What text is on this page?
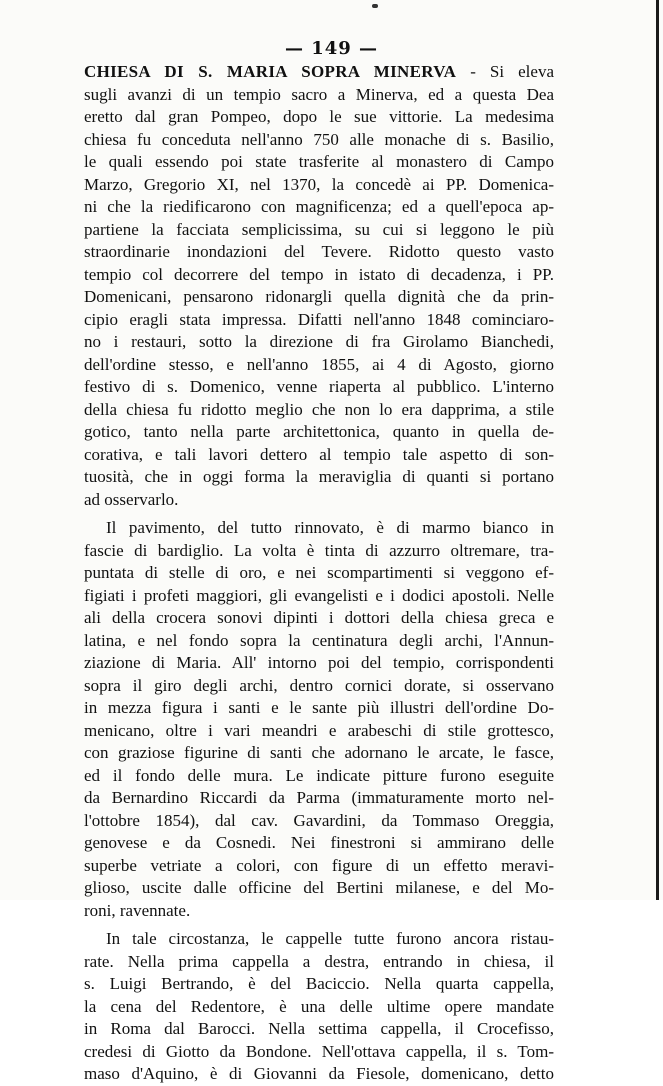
— 149 —
CHIESA DI S. MARIA SOPRA MINERVA - Si eleva
sugli avanzi di un tempio sacro a Minerva, ed a questa Dea
eretto dal gran Pompeo, dopo le sue vittorie. La medesima
chiesa fu conceduta nell'anno 750 alle monache di s. Basilio,
le quali essendo poi state trasferite al monastero di Campo
Marzo, Gregorio XI, nel 1370, la concedè ai PP. Domenica-
ni che la riedificarono con magnificenza; ed a quell'epoca ap-
partiene la facciata semplicissima, su cui si leggono le più
straordinarie inondazioni del Tevere. Ridotto questo vasto
tempio col decorrere del tempo in istato di decadenza, i PP.
Domenicani, pensarono ridonargli quella dignità che da prin-
cipio eragli stata impressa. Difatti nell'anno 1848 cominciaro-
no i restauri, sotto la direzione di fra Girolamo Bianchedi,
dell'ordine stesso, e nell'anno 1855, ai 4 di Agosto, giorno
festivo di s. Domenico, venne riaperta al pubblico. L'interno
della chiesa fu ridotto meglio che non lo era dapprima, a stile
gotico, tanto nella parte architettonica, quanto in quella de-
corativa, e tali lavori dettero al tempio tale aspetto di son-
tuosità, che in oggi forma la meraviglia di quanti si portano
ad osservarlo.
Il pavimento, del tutto rinnovato, è di marmo bianco in
fascie di bardiglio. La volta è tinta di azzurro oltremare, tra-
puntata di stelle di oro, e nei scompartimenti si veggono ef-
figiati i profeti maggiori, gli evangelisti e i dodici apostoli. Nelle
ali della crocera sonovi dipinti i dottori della chiesa greca e
latina, e nel fondo sopra la centinatura degli archi, l'Annun-
ziazione di Maria. All' intorno poi del tempio, corrispondenti
sopra il giro degli archi, dentro cornici dorate, si osservano
in mezza figura i santi e le sante più illustri dell'ordine Do-
menicano, oltre i vari meandri e arabeschi di stile grottesco,
con graziose figurine di santi che adornano le arcate, le fasce,
ed il fondo delle mura. Le indicate pitture furono eseguite
da Bernardino Riccardi da Parma (immaturamente morto nel-
l'ottobre 1854), dal cav. Gavardini, da Tommaso Oreggia,
genovese e da Cosnedi. Nei finestroni si ammirano delle
superbe vetriate a colori, con figure di un effetto meravi-
glioso, uscite dalle officine del Bertini milanese, e del Mo-
roni, ravennate.
In tale circostanza, le cappelle tutte furono ancora ristau-
rate. Nella prima cappella a destra, entrando in chiesa, il
s. Luigi Bertrando, è del Baciccio. Nella quarta cappella,
la cena del Redentore, è una delle ultime opere mandate
in Roma dal Barocci. Nella settima cappella, il Crocefisso,
credesi di Giotto da Bondone. Nell'ottava cappella, il s. Tom-
maso d'Aquino, è di Giovanni da Fiesole, domenicano, detto
